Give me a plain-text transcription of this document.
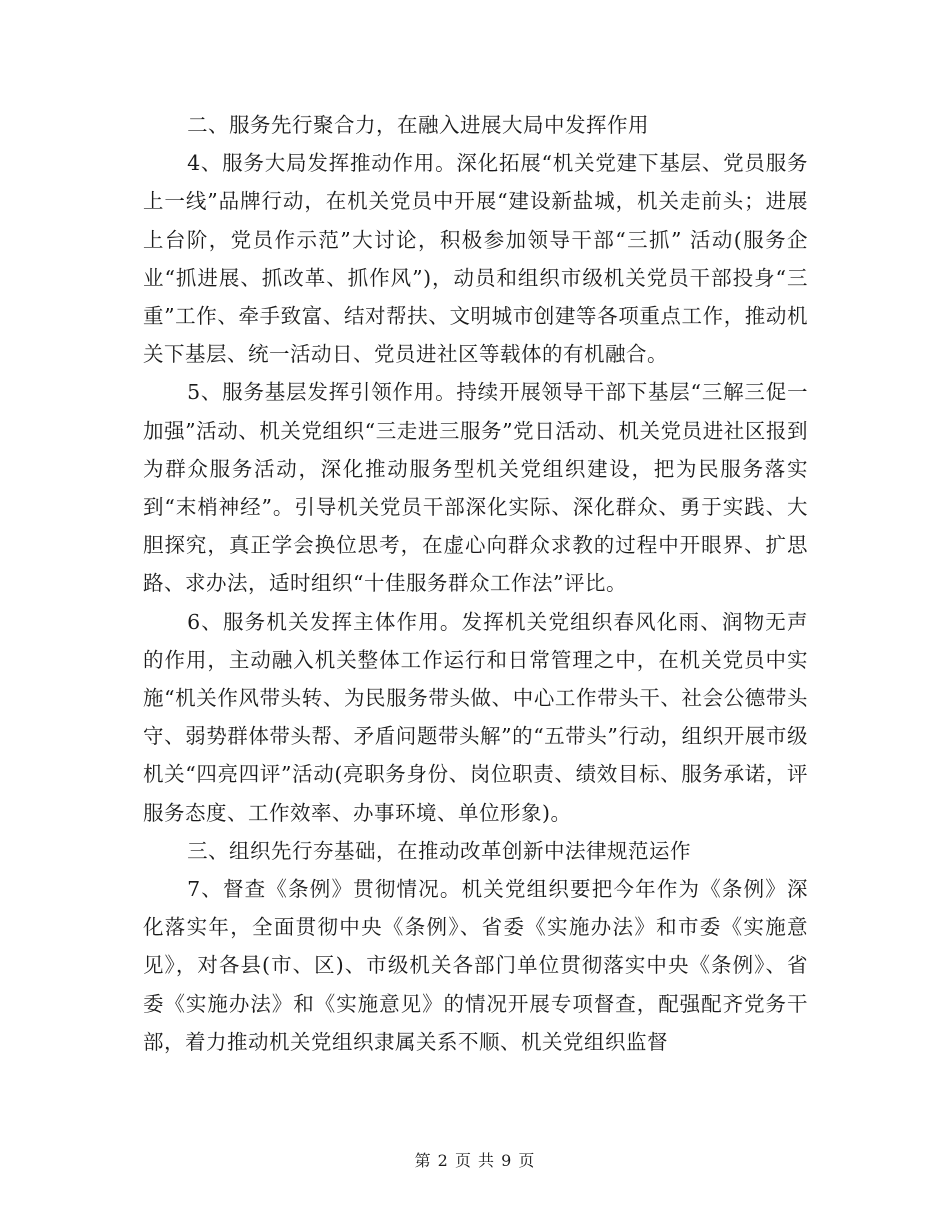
二、服务先行聚合力，在融入进展大局中发挥作用

4、服务大局发挥推动作用。深化拓展“机关党建下基层、党员服务上一线”品牌行动，在机关党员中开展“建设新盐城，机关走前头；进展上台阶，党员作示范”大讨论，积极参加领导干部“三抓” 活动(服务企业“抓进展、抓改革、抓作风”)，动员和组织市级机关党员干部投身“三重”工作、牵手致富、结对帮扶、文明城市创建等各项重点工作，推动机关下基层、统一活动日、党员进社区等载体的有机融合。

5、服务基层发挥引领作用。持续开展领导干部下基层“三解三促一加强”活动、机关党组织“三走进三服务”党日活动、机关党员进社区报到为群众服务活动，深化推动服务型机关党组织建设，把为民服务落实到“末梢神经”。引导机关党员干部深化实际、深化群众、勇于实践、大胆探究，真正学会换位思考，在虚心向群众求教的过程中开眼界、扩思路、求办法，适时组织“十佳服务群众工作法”评比。

6、服务机关发挥主体作用。发挥机关党组织春风化雨、润物无声的作用，主动融入机关整体工作运行和日常管理之中，在机关党员中实施“机关作风带头转、为民服务带头做、中心工作带头干、社会公德带头守、弱势群体带头帮、矛盾问题带头解”的“五带头”行动，组织开展市级机关“四亮四评”活动(亮职务身份、岗位职责、绩效目标、服务承诺，评服务态度、工作效率、办事环境、单位形象)。

三、组织先行夯基础，在推动改革创新中法律规范运作

7、督查《条例》贯彻情况。机关党组织要把今年作为《条例》深化落实年，全面贯彻中央《条例》、省委《实施办法》和市委《实施意见》，对各县(市、区)、市级机关各部门单位贯彻落实中央《条例》、省委《实施办法》和《实施意见》的情况开展专项督查，配强配齐党务干部，着力推动机关党组织隶属关系不顺、机关党组织监督

第 2 页 共 9 页
